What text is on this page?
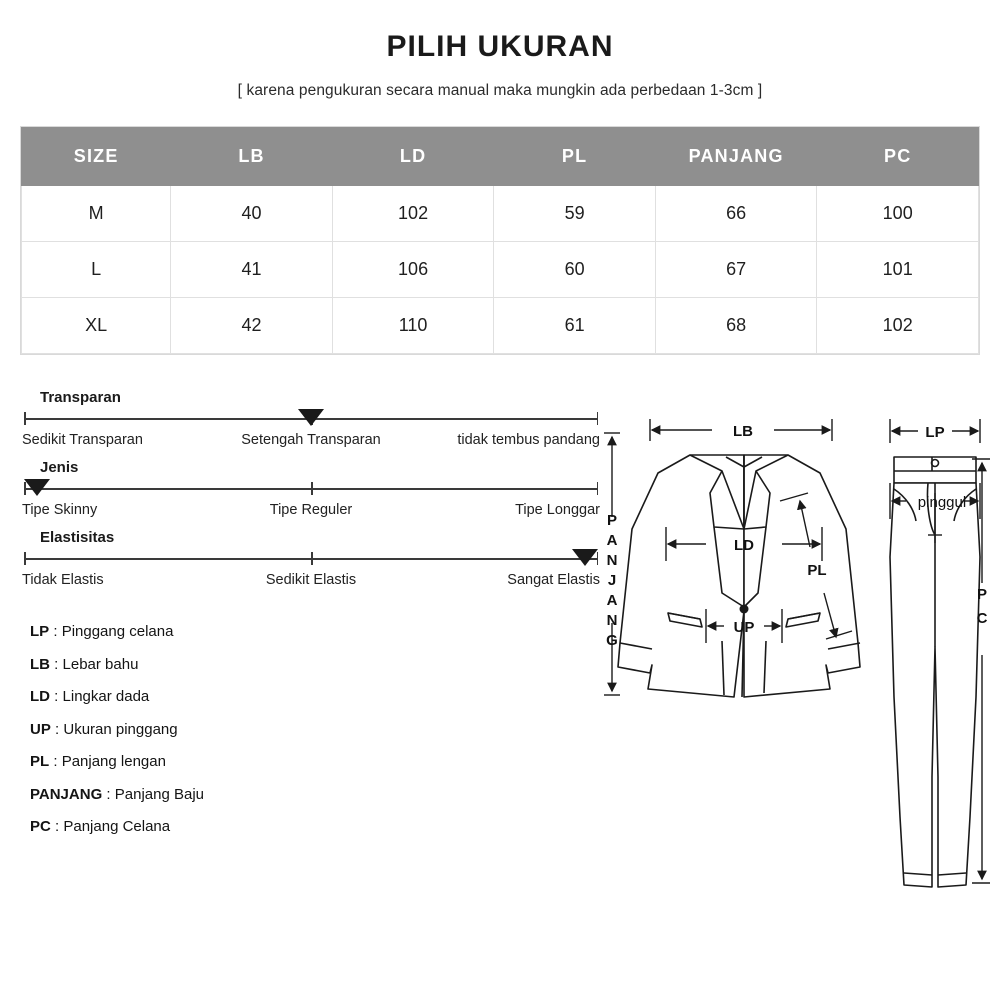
PILIH UKURAN
[ karena pengukuran secara manual maka mungkin ada perbedaan 1-3cm ]
SIZE	LB	LD	PL	PANJANG	PC
M	40	102	59	66	100
L	41	106	60	67	101
XL	42	110	61	68	102
Transparan
Sedikit Transparan	Setengah Transparan	tidak tembus pandang
Jenis
Tipe Skinny	Tipe Reguler	Tipe Longgar
Elastisitas
Tidak Elastis	Sedikit Elastis	Sangat Elastis
LP : Pinggang celana
LB : Lebar bahu
LD : Lingkar dada
UP : Ukuran pinggang
PL : Panjang lengan
PANJANG : Panjang Baju
PC : Panjang Celana
LB
LD
PL
UP
LP
pinggul
P
A
N
J
A
N
G
P
C
